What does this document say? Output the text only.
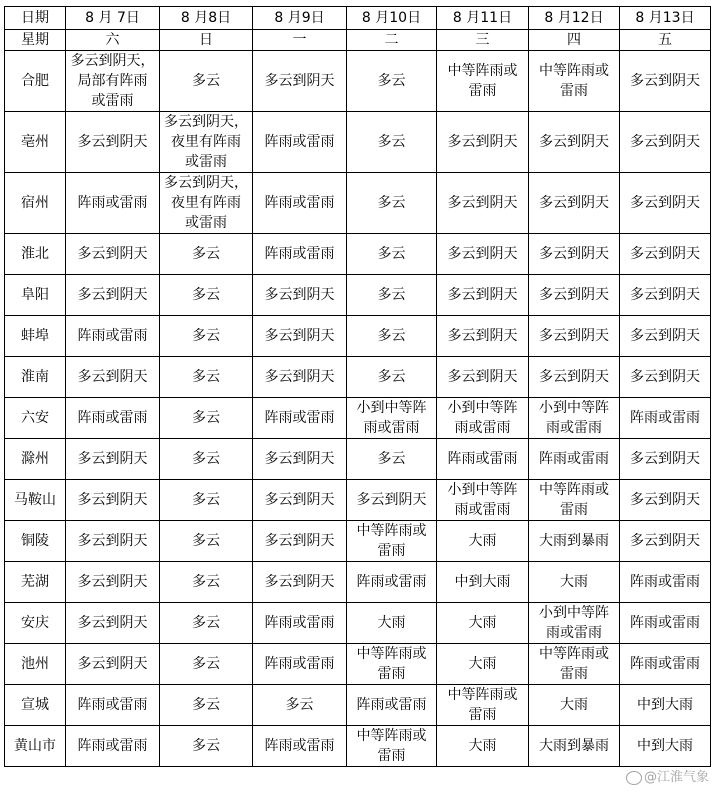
日期	8 月 7日	8 月8日	8 月9日	8 月10日	8 月11日	8 月12日	8 月13日
星期	六	日	一	二	三	四	五
合肥	多云到阴天，
局部有阵雨
或雷雨	多云	多云到阴天	多云	中等阵雨或
雷雨	中等阵雨或
雷雨	多云到阴天

亳州	多云到阴天	多云到阴天，
夜里有阵雨
或雷雨	阵雨或雷雨	多云	多云到阴天	多云到阴天	多云到阴天

宿州	阵雨或雷雨	多云到阴天，
夜里有阵雨
或雷雨	阵雨或雷雨	多云	多云到阴天	多云到阴天	多云到阴天

淮北	多云到阴天	多云	阵雨或雷雨	多云	多云到阴天	多云到阴天	多云到阴天

阜阳	多云到阴天	多云	多云到阴天	多云	多云到阴天	多云到阴天	多云到阴天

蚌埠	阵雨或雷雨	多云	多云到阴天	多云	多云到阴天	多云到阴天	多云到阴天

淮南	多云到阴天	多云	多云到阴天	多云	多云到阴天	多云到阴天	多云到阴天

六安	阵雨或雷雨	多云	阵雨或雷雨	小到中等阵
雨或雷雨	小到中等阵
雨或雷雨	小到中等阵
雨或雷雨	阵雨或雷雨

滁州	多云到阴天	多云	多云到阴天	多云	阵雨或雷雨	阵雨或雷雨	多云到阴天

马鞍山	多云到阴天	多云	多云到阴天	多云到阴天	小到中等阵
雨或雷雨	中等阵雨或
雷雨	多云到阴天

铜陵	多云到阴天	多云	多云到阴天	中等阵雨或
雷雨	大雨	大雨到暴雨	多云到阴天

芜湖	多云到阴天	多云	多云到阴天	阵雨或雷雨	中到大雨	大雨	阵雨或雷雨

安庆	多云到阴天	多云	阵雨或雷雨	大雨	大雨	小到中等阵
雨或雷雨	阵雨或雷雨

池州	多云到阴天	多云	阵雨或雷雨	中等阵雨或
雷雨	大雨	中等阵雨或
雷雨	阵雨或雷雨

宣城	阵雨或雷雨	多云	多云	阵雨或雷雨	中等阵雨或
雷雨	大雨	中到大雨

黄山市	阵雨或雷雨	多云	阵雨或雷雨	中等阵雨或
雷雨	大雨	大雨到暴雨	中到大雨
@江淮气象
